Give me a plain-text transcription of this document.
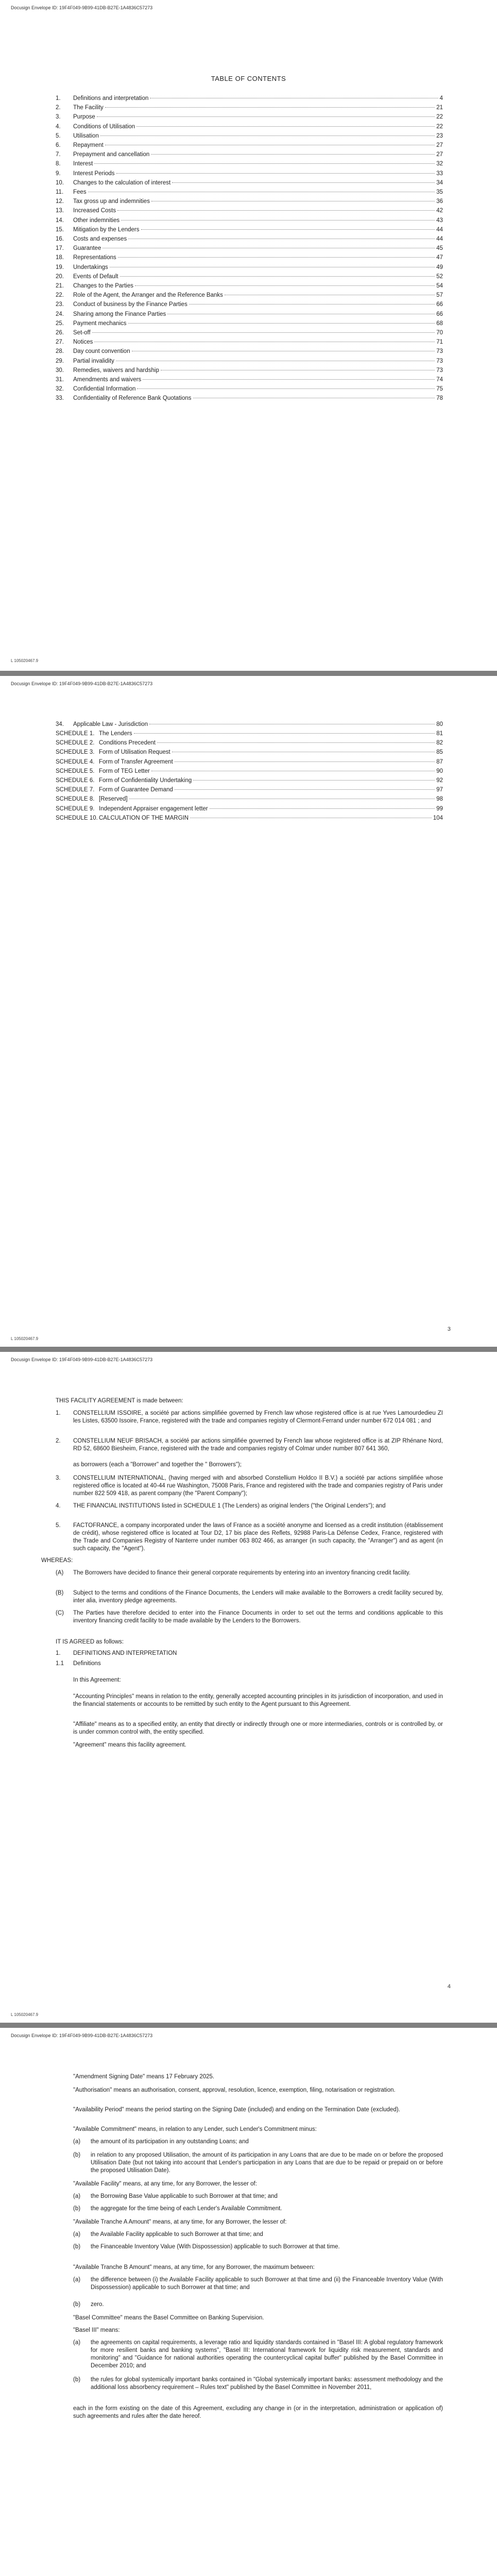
Docusign Envelope ID: 19F4F049-9B99-41DB-B27E-1A4836C57273
TABLE OF CONTENTS
1.	Definitions and interpretation	4
2.	The Facility	21
3.	Purpose	22
4.	Conditions of Utilisation	22
5.	Utilisation	23
6.	Repayment	27
7.	Prepayment and cancellation	27
8.	Interest	32
9.	Interest Periods	33
10.	Changes to the calculation of interest	34
11.	Fees	35
12.	Tax gross up and indemnities	36
13.	Increased Costs	42
14.	Other indemnities	43
15.	Mitigation by the Lenders	44
16.	Costs and expenses	44
17.	Guarantee	45
18.	Representations	47
19.	Undertakings	49
20.	Events of Default	52
21.	Changes to the Parties	54
22.	Role of the Agent, the Arranger and the Reference Banks	57
23.	Conduct of business by the Finance Parties	66
24.	Sharing among the Finance Parties	66
25.	Payment mechanics	68
26.	Set-off	70
27.	Notices	71
28.	Day count convention	73
29.	Partial invalidity	73
30.	Remedies, waivers and hardship	73
31.	Amendments and waivers	74
32.	Confidential Information	75
33.	Confidentiality of Reference Bank Quotations	78
L 105020467.9
Docusign Envelope ID: 19F4F049-9B99-41DB-B27E-1A4836C57273
34.	Applicable Law - Jurisdiction	80
SCHEDULE 1. The Lenders	81
SCHEDULE 2. Conditions Precedent	82
SCHEDULE 3. Form of Utilisation Request	85
SCHEDULE 4. Form of Transfer Agreement	87
SCHEDULE 5. Form of TEG Letter	90
SCHEDULE 6. Form of Confidentiality Undertaking	92
SCHEDULE 7. Form of Guarantee Demand	97
SCHEDULE 8. [Reserved]	98
SCHEDULE 9. Independent Appraiser engagement letter	99
SCHEDULE 10. CALCULATION OF THE MARGIN	104
3
L 105020467.9
Docusign Envelope ID: 19F4F049-9B99-41DB-B27E-1A4836C57273
THIS FACILITY AGREEMENT is made between:
1. CONSTELLIUM ISSOIRE, a société par actions simplifiée governed by French law whose registered office is at rue Yves Lamourdedieu ZI les Listes, 63500 Issoire, France, registered with the trade and companies registry of Clermont-Ferrand under number 672 014 081 ; and
2. CONSTELLIUM NEUF BRISACH, a société par actions simplifiée governed by French law whose registered office is at ZIP Rhénane Nord, RD 52, 68600 Biesheim, France, registered with the trade and companies registry of Colmar under number 807 641 360,
as borrowers (each a "Borrower" and together the " Borrowers");
3. CONSTELLIUM INTERNATIONAL, (having merged with and absorbed Constellium Holdco II B.V.) a société par actions simplifiée whose registered office is located at 40-44 rue Washington, 75008 Paris, France and registered with the trade and companies registry of Paris under number 822 509 418, as parent company (the "Parent Company");
4. THE FINANCIAL INSTITUTIONS listed in SCHEDULE 1 (The Lenders) as original lenders ("the Original Lenders"); and
5. FACTOFRANCE, a company incorporated under the laws of France as a société anonyme and licensed as a credit institution (établissement de crédit), whose registered office is located at Tour D2, 17 bis place des Reflets, 92988 Paris-La Défense Cedex, France, registered with the Trade and Companies Registry of Nanterre under number 063 802 466, as arranger (in such capacity, the "Arranger") and as agent (in such capacity, the "Agent").
WHEREAS:
(A) The Borrowers have decided to finance their general corporate requirements by entering into an inventory financing credit facility.
(B) Subject to the terms and conditions of the Finance Documents, the Lenders will make available to the Borrowers a credit facility secured by, inter alia, inventory pledge agreements.
(C) The Parties have therefore decided to enter into the Finance Documents in order to set out the terms and conditions applicable to this inventory financing credit facility to be made available by the Lenders to the Borrowers.
IT IS AGREED as follows:
1. DEFINITIONS AND INTERPRETATION
1.1 Definitions
In this Agreement:
"Accounting Principles" means in relation to the entity, generally accepted accounting principles in its jurisdiction of incorporation, and used in the financial statements or accounts to be remitted by such entity to the Agent pursuant to this Agreement.
"Affiliate" means as to a specified entity, an entity that directly or indirectly through one or more intermediaries, controls or is controlled by, or is under common control with, the entity specified.
"Agreement" means this facility agreement.
4
L 105020467.9
Docusign Envelope ID: 19F4F049-9B99-41DB-B27E-1A4836C57273
"Amendment Signing Date" means 17 February 2025.
"Authorisation" means an authorisation, consent, approval, resolution, licence, exemption, filing, notarisation or registration.
"Availability Period" means the period starting on the Signing Date (included) and ending on the Termination Date (excluded).
"Available Commitment" means, in relation to any Lender, such Lender's Commitment minus:
(a) the amount of its participation in any outstanding Loans; and
(b) in relation to any proposed Utilisation, the amount of its participation in any Loans that are due to be made on or before the proposed Utilisation Date (but not taking into account that Lender's participation in any Loans that are due to be repaid or prepaid on or before the proposed Utilisation Date).
"Available Facility" means, at any time, for any Borrower, the lesser of:
(a) the Borrowing Base Value applicable to such Borrower at that time; and
(b) the aggregate for the time being of each Lender's Available Commitment.
"Available Tranche A Amount" means, at any time, for any Borrower, the lesser of:
(a) the Available Facility applicable to such Borrower at that time; and
(b) the Financeable Inventory Value (With Dispossession) applicable to such Borrower at that time.
"Available Tranche B Amount" means, at any time, for any Borrower, the maximum between:
(a) the difference between (i) the Available Facility applicable to such Borrower at that time and (ii) the Financeable Inventory Value (With Dispossession) applicable to such Borrower at that time; and
(b) zero.
"Basel Committee" means the Basel Committee on Banking Supervision.
"Basel III" means:
(a) the agreements on capital requirements, a leverage ratio and liquidity standards contained in "Basel III: A global regulatory framework for more resilient banks and banking systems", "Basel III: International framework for liquidity risk measurement, standards and monitoring" and "Guidance for national authorities operating the countercyclical capital buffer" published by the Basel Committee in December 2010; and
(b) the rules for global systemically important banks contained in "Global systemically important banks: assessment methodology and the additional loss absorbency requirement – Rules text" published by the Basel Committee in November 2011,
each in the form existing on the date of this Agreement, excluding any change in (or in the interpretation, administration or application of) such agreements and rules after the date hereof.
